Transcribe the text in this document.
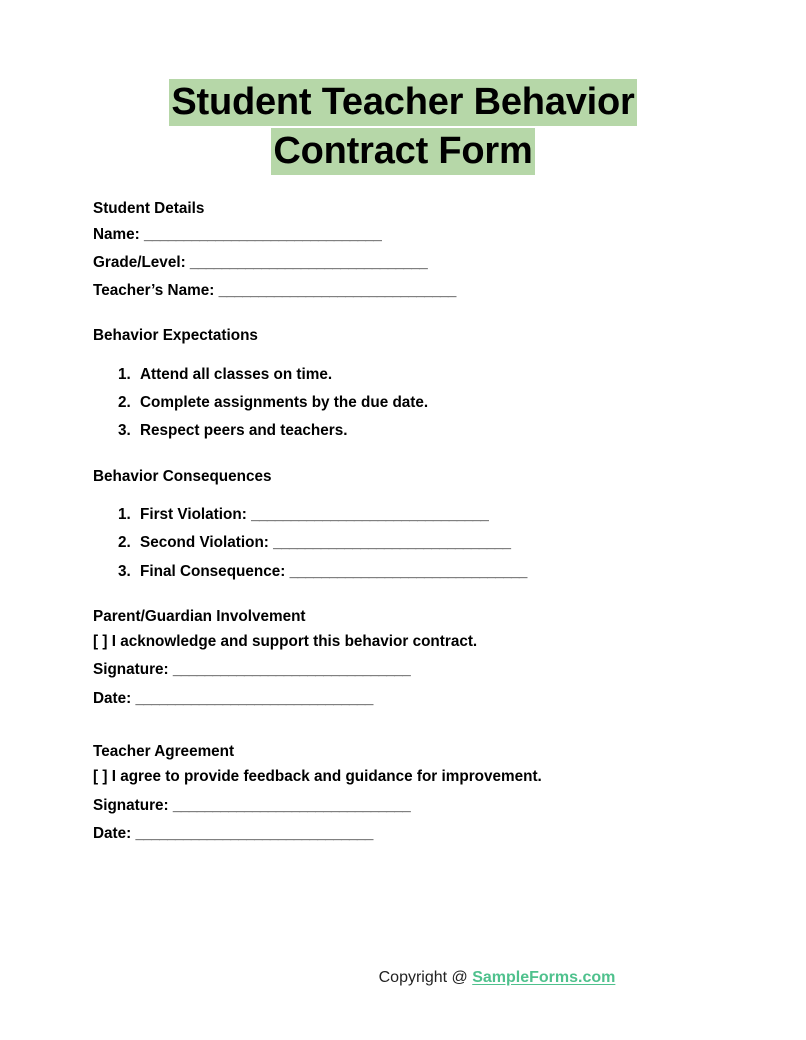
Student Teacher Behavior
Contract Form
Student Details
Name: ______________________________
Grade/Level: ______________________________
Teacher’s Name: ______________________________
Behavior Expectations
Attend all classes on time.
Complete assignments by the due date.
Respect peers and teachers.
Behavior Consequences
First Violation: ______________________________
Second Violation: ______________________________
Final Consequence: ______________________________
Parent/Guardian Involvement
[ ] I acknowledge and support this behavior contract.
Signature: ______________________________
Date: ______________________________
Teacher Agreement
[ ] I agree to provide feedback and guidance for improvement.
Signature: ______________________________
Date: ______________________________
Copyright @ SampleForms.com
